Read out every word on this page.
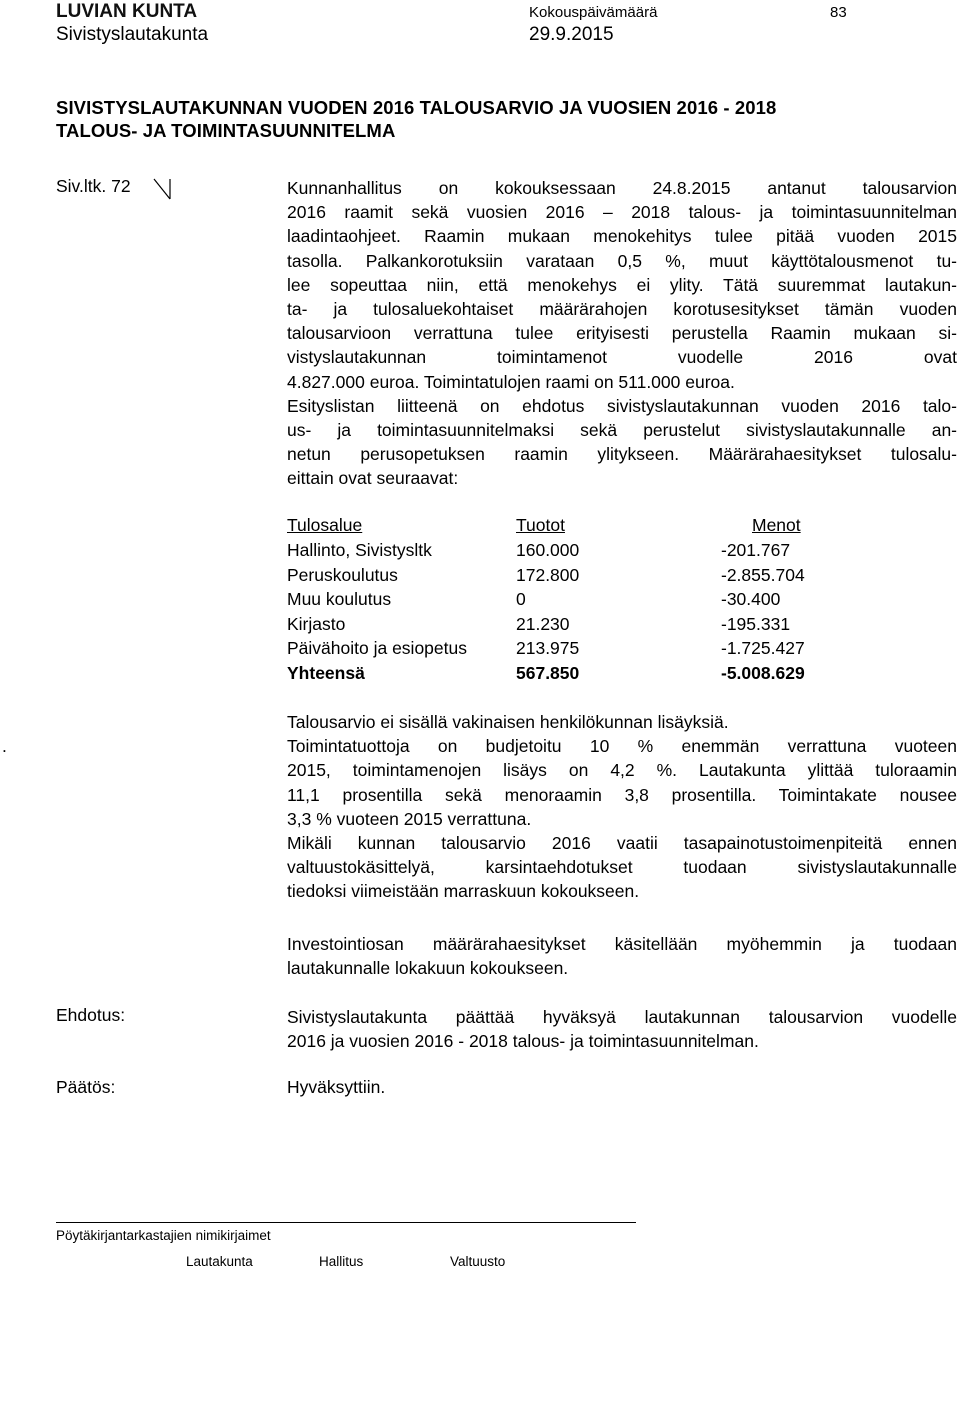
LUVIAN KUNTA
Sivistyslautakunta
Kokouspäivämäärä
29.9.2015
83
SIVISTYSLAUTAKUNNAN VUODEN 2016 TALOUSARVIO JA VUOSIEN 2016 - 2018
TALOUS- JA TOIMINTASUUNNITELMA
Siv.ltk. 72	Kunnanhallitus on kokouksessaan 24.8.2015 antanut talousarvion
2016 raamit sekä vuosien 2016 – 2018 talous- ja toimintasuunnitelman
laadintaohjeet. Raamin mukaan menokehitys tulee pitää vuoden 2015
tasolla. Palkankorotuksiin varataan 0,5 %, muut käyttötalousmenot tu-
lee sopeuttaa niin, että menokehys ei ylity. Tätä suuremmat lautakun-
ta- ja tulosaluekohtaiset määrärahojen korotusesitykset tämän vuoden
talousarvioon verrattuna tulee erityisesti perustella Raamin mukaan si-
vistyslautakunnan toimintamenot vuodelle 2016 ovat
4.827.000 euroa. Toimintatulojen raami on 511.000 euroa.
Esityslistan liitteenä on ehdotus sivistyslautakunnan vuoden 2016 talo-
us- ja toimintasuunnitelmaksi sekä perustelut sivistyslautakunnalle an-
netun perusopetuksen raamin ylitykseen. Määrärahaesitykset tulosalu-
eittain ovat seuraavat:
Tulosalue	Tuotot	Menot
Hallinto, Sivistysltk	160.000	-201.767
Peruskoulutus	172.800	-2.855.704
Muu koulutus	0	-30.400
Kirjasto	21.230	-195.331
Päivähoito ja esiopetus	213.975	-1.725.427
Yhteensä	567.850	-5.008.629
.
Talousarvio ei sisällä vakinaisen henkilökunnan lisäyksiä.
Toimintatuottoja on budjetoitu 10 % enemmän verrattuna vuoteen
2015, toimintamenojen lisäys on 4,2 %. Lautakunta ylittää tuloraamin
11,1 prosentilla sekä menoraamin 3,8 prosentilla. Toimintakate nousee
3,3 % vuoteen 2015 verrattuna.
Mikäli kunnan talousarvio 2016 vaatii tasapainotustoimenpiteitä ennen
valtuustokäsittelyä, karsintaehdotukset tuodaan sivistyslautakunnalle
tiedoksi viimeistään marraskuun kokoukseen.
Investointiosan määrärahaesitykset käsitellään myöhemmin ja tuodaan
lautakunnalle lokakuun kokoukseen.
Ehdotus:	Sivistyslautakunta päättää hyväksyä lautakunnan talousarvion vuodelle
2016 ja vuosien 2016 - 2018 talous- ja toimintasuunnitelman.
Päätös:	Hyväksyttiin.
Pöytäkirjantarkastajien nimikirjaimet
Lautakunta	Hallitus	Valtuusto
